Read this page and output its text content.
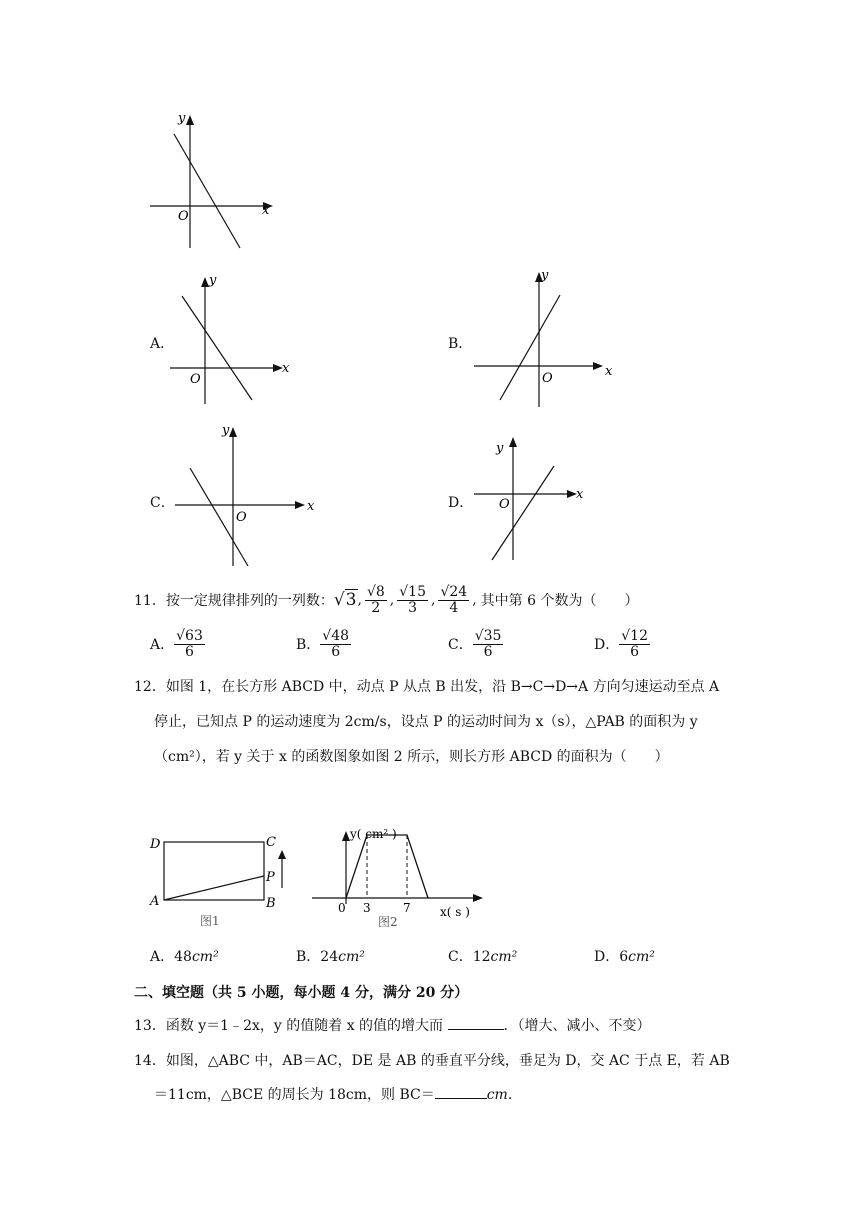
y
x
O
A．
y
x
O
B．
y
x
O
C．
y
x
O
D．
y
x
O
11． 按一定规律排列的一列数： √3 , $\frac{√8}{2}$ , $\frac{√15}{3}$ , $\frac{√24}{4}$ , 其中第 6 个数为（　　）
A． $\frac{√63}{6}$	B． $\frac{√48}{6}$	C． $\frac{√35}{6}$	D． $\frac{√12}{6}$
12．如图 1，在长方形 ABCD 中，动点 P 从点 B 出发，沿 B→C→D→A 方向匀速运动至点 A
停止，已知点 P 的运动速度为 2cm/s，设点 P 的运动时间为 x（s），△PAB 的面积为 y
（cm²），若 y 关于 x 的函数图象如图 2 所示，则长方形 ABCD 的面积为（　　）
D	C
A	B
P
图1
y( cm² )
0 3	7 x( s )
图2
A．48cm²	B．24cm²	C．12cm²	D．6cm²
二、填空题（共 5 小题，每小题 4 分，满分 20 分）
13．函数 y＝1﹣2x，y 的值随着 x 的值的增大而	．（增大、减小、不变）
14．如图，△ABC 中，AB＝AC，DE 是 AB 的垂直平分线，垂足为 D，交 AC 于点 E，若 AB
＝11cm，△BCE 的周长为 18cm，则 BC＝	cm.
